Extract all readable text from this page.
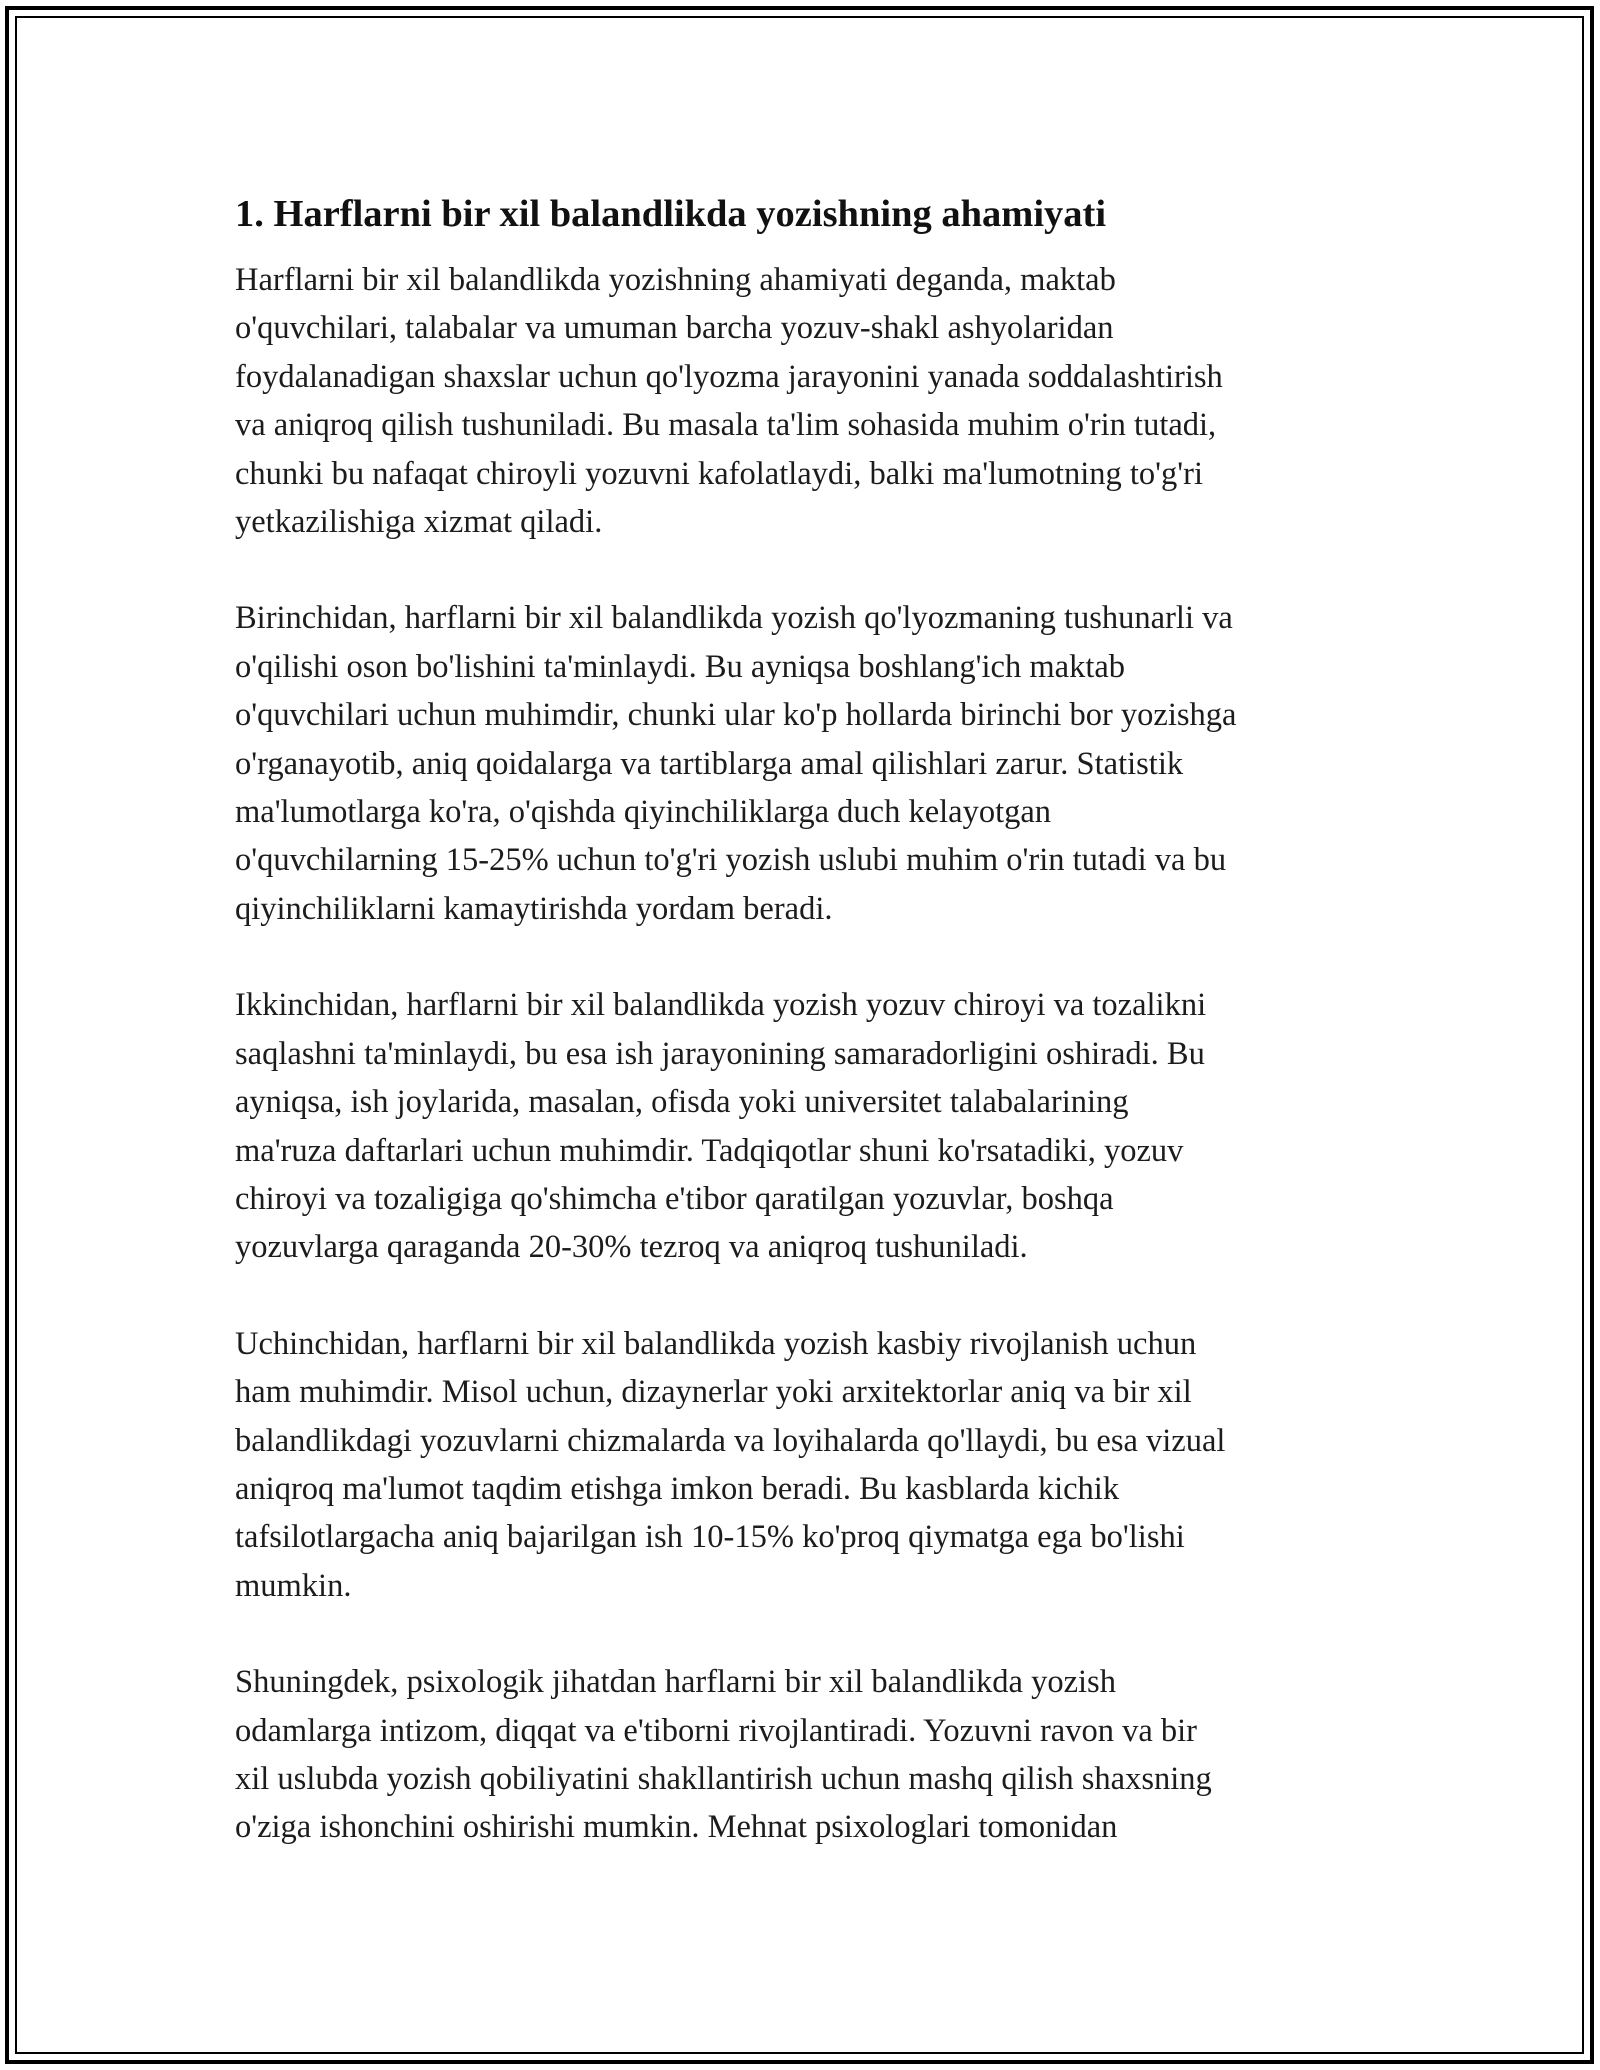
1. Harflarni bir xil balandlikda yozishning ahamiyati

Harflarni bir xil balandlikda yozishning ahamiyati deganda, maktab
o'quvchilari, talabalar va umuman barcha yozuv-shakl ashyolaridan
foydalanadigan shaxslar uchun qo'lyozma jarayonini yanada soddalashtirish
va aniqroq qilish tushuniladi. Bu masala ta'lim sohasida muhim o'rin tutadi,
chunki bu nafaqat chiroyli yozuvni kafolatlaydi, balki ma'lumotning to'g'ri
yetkazilishiga xizmat qiladi.

Birinchidan, harflarni bir xil balandlikda yozish qo'lyozmaning tushunarli va
o'qilishi oson bo'lishini ta'minlaydi. Bu ayniqsa boshlang'ich maktab
o'quvchilari uchun muhimdir, chunki ular ko'p hollarda birinchi bor yozishga
o'rganayotib, aniq qoidalarga va tartiblarga amal qilishlari zarur. Statistik
ma'lumotlarga ko'ra, o'qishda qiyinchiliklarga duch kelayotgan
o'quvchilarning 15-25% uchun to'g'ri yozish uslubi muhim o'rin tutadi va bu
qiyinchiliklarni kamaytirishda yordam beradi.

Ikkinchidan, harflarni bir xil balandlikda yozish yozuv chiroyi va tozalikni
saqlashni ta'minlaydi, bu esa ish jarayonining samaradorligini oshiradi. Bu
ayniqsa, ish joylarida, masalan, ofisda yoki universitet talabalarining
ma'ruza daftarlari uchun muhimdir. Tadqiqotlar shuni ko'rsatadiki, yozuv
chiroyi va tozaligiga qo'shimcha e'tibor qaratilgan yozuvlar, boshqa
yozuvlarga qaraganda 20-30% tezroq va aniqroq tushuniladi.

Uchinchidan, harflarni bir xil balandlikda yozish kasbiy rivojlanish uchun
ham muhimdir. Misol uchun, dizaynerlar yoki arxitektorlar aniq va bir xil
balandlikdagi yozuvlarni chizmalarda va loyihalarda qo'llaydi, bu esa vizual
aniqroq ma'lumot taqdim etishga imkon beradi. Bu kasblarda kichik
tafsilotlargacha aniq bajarilgan ish 10-15% ko'proq qiymatga ega bo'lishi
mumkin.

Shuningdek, psixologik jihatdan harflarni bir xil balandlikda yozish
odamlarga intizom, diqqat va e'tiborni rivojlantiradi. Yozuvni ravon va bir
xil uslubda yozish qobiliyatini shakllantirish uchun mashq qilish shaxsning
o'ziga ishonchini oshirishi mumkin. Mehnat psixologlari tomonidan
